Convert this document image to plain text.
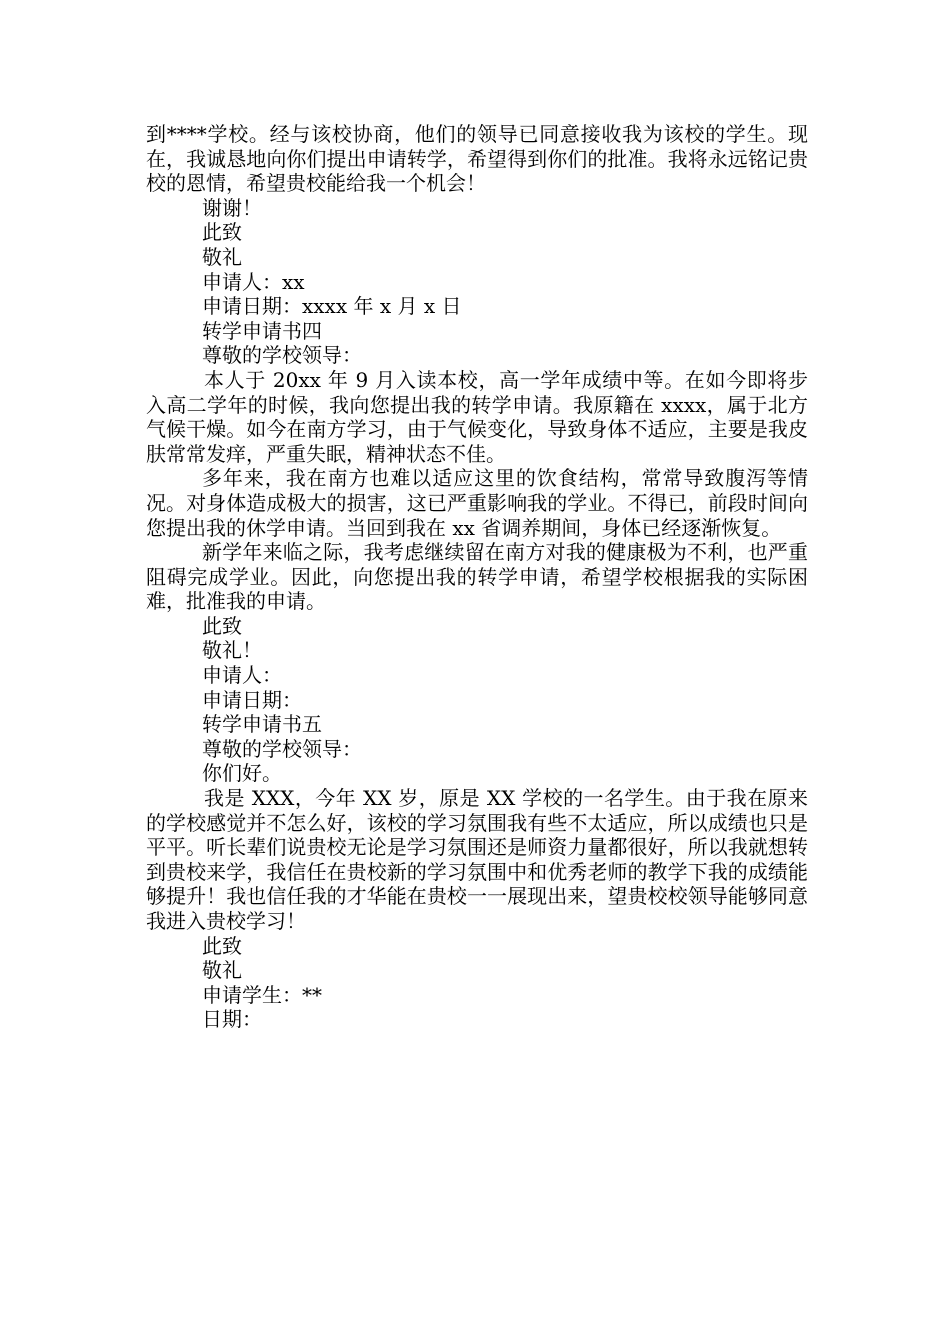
到****学校。经与该校协商，他们的领导已同意接收我为该校的学生。现在，我诚恳地向你们提出申请转学，希望得到你们的批准。我将永远铭记贵校的恩情，希望贵校能给我一个机会！

谢谢！

此致

敬礼

申请人：xx

申请日期：xxxx 年 x 月 x 日

转学申请书四

尊敬的学校领导：

本人于 20xx 年 9 月入读本校，高一学年成绩中等。在如今即将步入高二学年的时候，我向您提出我的转学申请。我原籍在 xxxx，属于北方气候干燥。如今在南方学习，由于气候变化，导致身体不适应，主要是我皮肤常常发痒，严重失眠，精神状态不佳。

多年来，我在南方也难以适应这里的饮食结构，常常导致腹泻等情况。对身体造成极大的损害，这已严重影响我的学业。不得已，前段时间向您提出我的休学申请。当回到我在 xx 省调养期间，身体已经逐渐恢复。

新学年来临之际，我考虑继续留在南方对我的健康极为不利，也严重阻碍完成学业。因此，向您提出我的转学申请，希望学校根据我的实际困难，批准我的申请。

此致

敬礼！

申请人：

申请日期：

转学申请书五

尊敬的学校领导：

你们好。

我是 XXX，今年 XX 岁，原是 XX 学校的一名学生。由于我在原来的学校感觉并不怎么好，该校的学习氛围我有些不太适应，所以成绩也只是平平。听长辈们说贵校无论是学习氛围还是师资力量都很好，所以我就想转到贵校来学，我信任在贵校新的学习氛围中和优秀老师的教学下我的成绩能够提升！我也信任我的才华能在贵校一一展现出来，望贵校校领导能够同意我进入贵校学习！

此致

敬礼

申请学生：**

日期：
